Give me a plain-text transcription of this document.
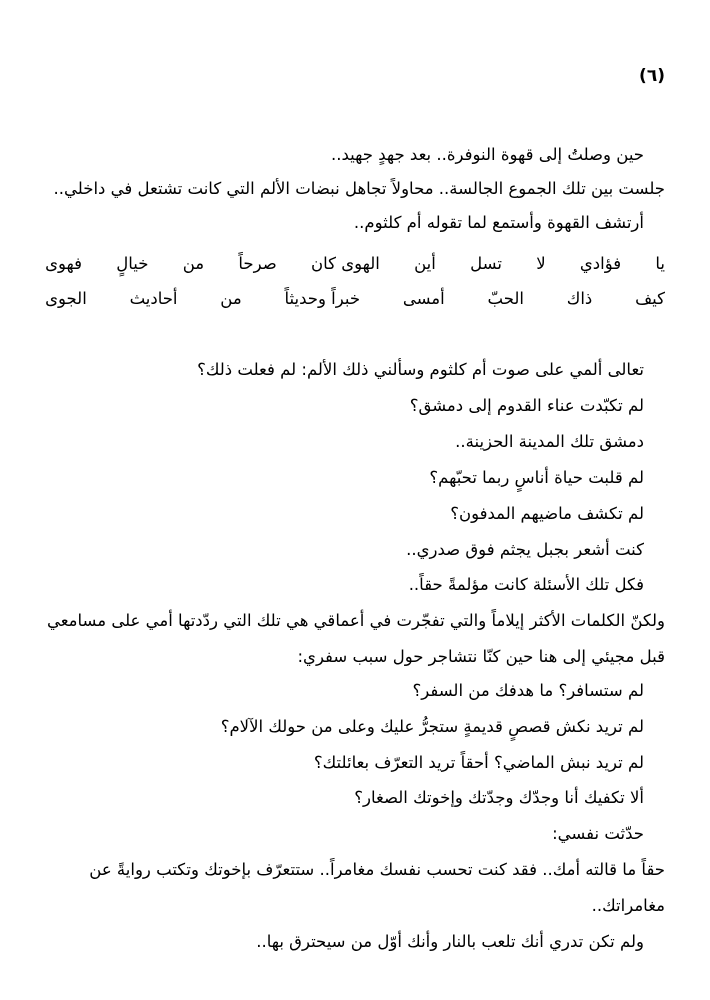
(٦)
حين وصلتُ إلى قهوة النوفرة.. بعد جهدٍ جهيد..
جلست بين تلك الجموع الجالسة.. محاولاً تجاهل نبضات الألم التي كانت تشتعل في داخلي..
أرتشف القهوة وأستمع لما تقوله أم كلثوم..
يا
فؤادي
لا
تسل
أين
الهوى كان
صرحاً
من
خيالٍ
فهوى
كيف
ذاك
الحبّ
أمسى
خبراً وحديثاً
من
أحاديث
الجوى
تعالى ألمي على صوت أم كلثوم وسألني ذلك الألم: لم فعلت ذلك؟
لم تكبّدت عناء القدوم إلى دمشق؟
دمشق تلك المدينة الحزينة..
لم قلبت حياة أناسٍ ربما تحبّهم؟
لم تكشف ماضيهم المدفون؟
كنت أشعر بجبل يجثم فوق صدري..
فكل تلك الأسئلة كانت مؤلمةً حقاً..
ولكنّ الكلمات الأكثر إيلاماً والتي تفجّرت في أعماقي هي تلك التي ردّدتها أمي على مسامعي
قبل مجيئي إلى هنا حين كنّا نتشاجر حول سبب سفري:
لم ستسافر؟ ما هدفك من السفر؟
لم تريد نكش قصصٍ قديمةٍ ستجرُّ عليك وعلى من حولك الآلام؟
لم تريد نبش الماضي؟ أحقاً تريد التعرّف بعائلتك؟
ألا تكفيك أنا وجدّك وجدّتك وإخوتك الصغار؟
حدّثت نفسي:
حقاً ما قالته أمك.. فقد كنت تحسب نفسك مغامراً.. ستتعرّف بإخوتك وتكتب روايةً عن
مغامراتك..
ولم تكن تدري أنك تلعب بالنار وأنك أوّل من سيحترق بها..
